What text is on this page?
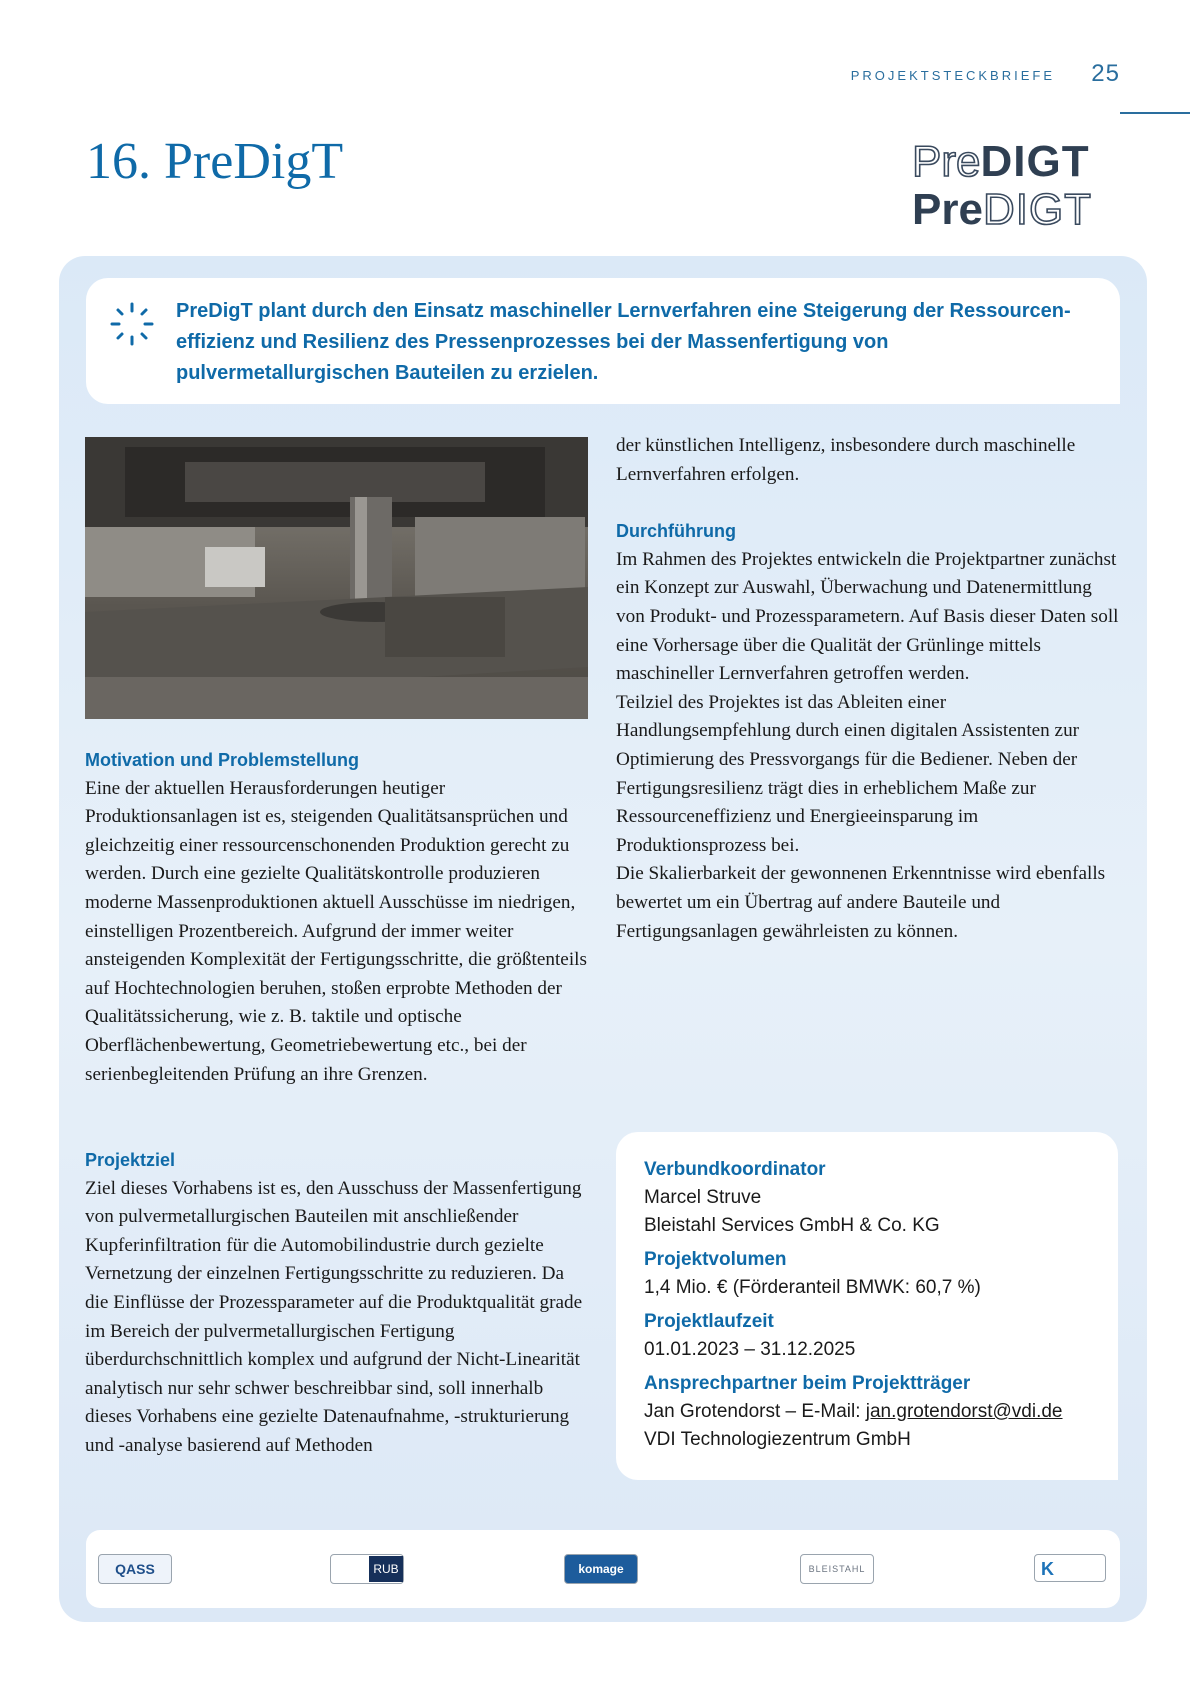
PROJEKTSTECKBRIEFE 25
16. PreDigT	PreDIGT
PreDIGT
PreDigT plant durch den Einsatz maschineller Lernverfahren eine Steigerung der Ressourcen-effizienz und Resilienz des Pressenprozesses bei der Massenfertigung von pulvermetallurgischen Bauteilen zu erzielen.
Motivation und Problemstellung

Eine der aktuellen Herausforderungen heutiger Produktionsanlagen ist es, steigenden Qualitätsansprüchen und gleichzeitig einer ressourcenschonenden Produktion gerecht zu werden. Durch eine gezielte Qualitätskontrolle produzieren moderne Massenproduktionen aktuell Ausschüsse im niedrigen, einstelligen Prozentbereich. Aufgrund der immer weiter ansteigenden Komplexität der Fertigungsschritte, die größtenteils auf Hochtechnologien beruhen, stoßen erprobte Methoden der Qualitätssicherung, wie z. B. taktile und optische Oberflächenbewertung, Geometriebewertung etc., bei der serienbegleitenden Prüfung an ihre Grenzen.

Projektziel

Ziel dieses Vorhabens ist es, den Ausschuss der Massenfertigung von pulvermetallurgischen Bauteilen mit anschließender Kupferinfiltration für die Automobilindustrie durch gezielte Vernetzung der einzelnen Fertigungsschritte zu reduzieren. Da die Einflüsse der Prozessparameter auf die Produktqualität grade im Bereich der pulvermetallurgischen Fertigung überdurchschnittlich komplex und aufgrund der Nicht-Linearität analytisch nur sehr schwer beschreibbar sind, soll innerhalb dieses Vorhabens eine gezielte Datenaufnahme, -strukturierung und -analyse basierend auf Methoden

der künstlichen Intelligenz, insbesondere durch maschinelle Lernverfahren erfolgen.

Durchführung

Im Rahmen des Projektes entwickeln die Projektpartner zunächst ein Konzept zur Auswahl, Überwachung und Datenermittlung von Produkt- und Prozessparametern. Auf Basis dieser Daten soll eine Vorhersage über die Qualität der Grünlinge mittels maschineller Lernverfahren getroffen werden.

Teilziel des Projektes ist das Ableiten einer Handlungsempfehlung durch einen digitalen Assistenten zur Optimierung des Pressvorgangs für die Bediener. Neben der Fertigungsresilienz trägt dies in erheblichem Maße zur Ressourceneffizienz und Energieeinsparung im Produktionsprozess bei.

Die Skalierbarkeit der gewonnenen Erkenntnisse wird ebenfalls bewertet um ein Übertrag auf andere Bauteile und Fertigungsanlagen gewährleisten zu können.

Verbundkoordinator
Marcel Struve
Bleistahl Services GmbH & Co. KG
Projektvolumen
1,4 Mio. € (Förderanteil BMWK: 60,7 %)
Projektlaufzeit
01.01.2023 – 31.12.2025
Ansprechpartner beim Projektträger
Jan Grotendorst – E-Mail: jan.grotendorst@vdi.de
VDI Technologiezentrum GmbH
QASS	RUB	komage	BLEISTAHL	K
